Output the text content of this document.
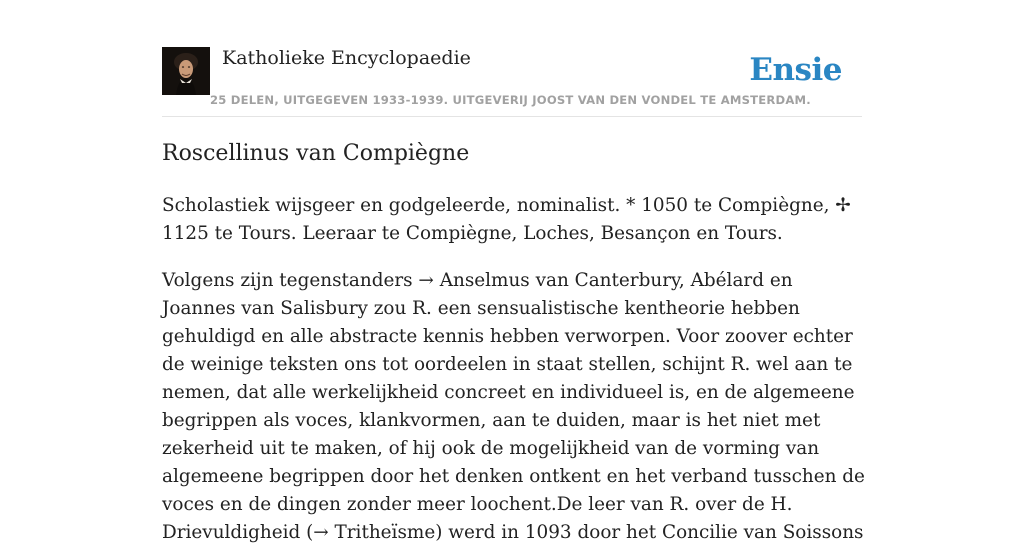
Katholieke Encyclopaedie
25 DELEN, UITGEGEVEN 1933-1939. UITGEVERIJ JOOST VAN DEN VONDEL TE AMSTERDAM.
Ensie
Roscellinus van Compiègne

Scholastiek wijsgeer en godgeleerde, nominalist. * 1050 te Compiègne, ✢ 1125 te Tours. Leeraar te Compiègne, Loches, Besançon en Tours.

Volgens zijn tegenstanders → Anselmus van Canterbury, Abélard en Joannes van Salisbury zou R. een sensualistische kentheorie hebben gehuldigd en alle abstracte kennis hebben verworpen. Voor zoover echter de weinige teksten ons tot oordeelen in staat stellen, schijnt R. wel aan te nemen, dat alle werkelijkheid concreet en individueel is, en de algemeene begrippen als voces, klankvormen, aan te duiden, maar is het niet met zekerheid uit te maken, of hij ook de mogelijkheid van de vorming van algemeene begrippen door het denken ontkent en het verband tusschen de voces en de dingen zonder meer loochent.De leer van R. over de H. Drievuldigheid (→ Tritheïsme) werd in 1093 door het Concilie van Soissons
